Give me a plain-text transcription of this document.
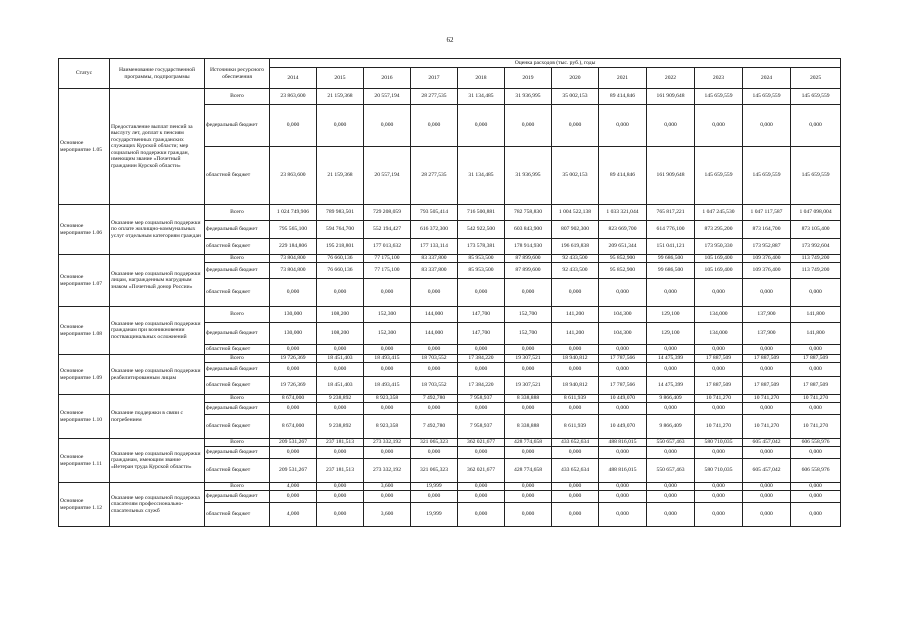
62
Статус	Наименование государственной программы, подпрограммы	Источники ресурсного обеспечения	Оценка расходов (тыс. руб.), годы											
			2014	2015	2016	2017	2018	2019	2020	2021	2022	2023	2024	2025
Основное мероприятие 1.05	Предоставление выплат пенсий за выслугу лет, доплат к пенсиям государственных гражданских служащих Курской области; мер социальной поддержки граждан, имеющим звание «Почетный гражданин Курской области»	Всего	23 863,600	21 159,368	20 557,194	28 277,535	31 134,485	31 936,995	35 002,153	89 414,846	161 909,648	145 659,559	145 659,559	145 659,559
		федеральный бюджет	0,000	0,000	0,000	0,000	0,000	0,000	0,000	0,000	0,000	0,000	0,000	0,000
		областной бюджет	23 863,600	21 159,368	20 557,194	28 277,535	31 134,485	31 936,995	35 002,153	89 414,846	161 909,648	145 659,559	145 659,559	145 659,559
Основное мероприятие 1.06	Оказание мер социальной поддержки по оплате жилищно-коммунальных услуг отдельным категориям граждан	Всего	1 024 749,906	789 983,501	729 208,059	793 505,414	716 500,881	782 758,830	1 004 522,138	1 033 321,044	765 817,221	1 047 245,530	1 047 117,587	1 047 098,004
		федеральный бюджет	795 565,100	594 764,700	552 194,427	616 372,300	542 922,500	603 843,900	807 902,300	823 669,700	614 776,100	873 295,200	873 164,700	873 105,400
		областной бюджет	229 184,806	195 218,801	177 013,632	177 133,114	173 578,381	178 914,930	196 619,838	209 651,344	151 041,121	173 950,330	173 952,887	173 992,604
Основное мероприятие 1.07	Оказание мер социальной поддержки лицам, награжденным нагрудным знаком «Почетный донор России»	Всего	73 804,800	76 660,136	77 175,100	83 337,800	85 953,500	87 899,600	92 433,500	95 852,900	99 686,500	105 169,400	109 376,400	113 749,200
		федеральный бюджет	73 804,800	76 660,136	77 175,100	83 337,800	85 953,500	87 899,600	92 433,500	95 852,900	99 686,500	105 169,400	109 376,400	113 749,200
		областной бюджет	0,000	0,000	0,000	0,000	0,000	0,000	0,000	0,000	0,000	0,000	0,000	0,000
Основное мероприятие 1.08	Оказание мер социальной поддержки гражданам при возникновении поствакцинальных осложнений	Всего	130,000	108,200	152,300	144,000	147,700	152,700	141,200	104,300	129,100	134,000	137,900	141,800
		федеральный бюджет	130,000	108,200	152,300	144,000	147,700	152,700	141,200	104,300	129,100	134,000	137,900	141,800
		областной бюджет	0,000	0,000	0,000	0,000	0,000	0,000	0,000	0,000	0,000	0,000	0,000	0,000
Основное мероприятие 1.09	Оказание мер социальной поддержки реабилитированным лицам	Всего	19 726,369	18 451,403	18 493,415	18 703,552	17 384,220	19 307,521	18 940,812	17 787,566	14 475,399	17 887,509	17 887,509	17 887,509
		федеральный бюджет	0,000	0,000	0,000	0,000	0,000	0,000	0,000	0,000	0,000	0,000	0,000	0,000
		областной бюджет	19 726,369	18 451,403	18 493,415	18 703,552	17 384,220	19 307,521	18 940,812	17 787,566	14 475,399	17 887,509	17 887,509	17 887,509
Основное мероприятие 1.10	Оказание поддержки в связи с погребением	Всего	8 674,000	9 238,892	8 923,358	7 492,780	7 958,937	8 338,888	8 611,939	10 449,070	9 866,409	10 741,270	10 741,270	10 741,270
		федеральный бюджет	0,000	0,000	0,000	0,000	0,000	0,000	0,000	0,000	0,000	0,000	0,000	0,000
		областной бюджет	8 674,000	9 238,892	8 923,358	7 492,780	7 958,937	8 338,888	8 611,939	10 449,070	9 866,409	10 741,270	10 741,270	10 741,270
Основное мероприятие 1.11	Оказание мер социальной поддержки гражданам, имеющим звание «Ветеран труда Курской области»	Всего	209 531,267	237 181,513	273 332,192	321 065,323	362 021,677	428 774,658	433 652,634	488 816,015	550 657,463	580 710,035	605 457,042	606 558,976
		федеральный бюджет	0,000	0,000	0,000	0,000	0,000	0,000	0,000	0,000	0,000	0,000	0,000	0,000
		областной бюджет	209 531,267	237 181,513	273 332,192	321 065,323	362 021,677	428 774,658	433 652,634	488 816,015	550 657,463	580 710,035	605 457,042	606 558,976
Основное мероприятие 1.12	Оказание мер социальной поддержка спасателям профессионально-спасательных служб	Всего	4,000	0,000	3,600	19,999	0,000	0,000	0,000	0,000	0,000	0,000	0,000	0,000
		федеральный бюджет	0,000	0,000	0,000	0,000	0,000	0,000	0,000	0,000	0,000	0,000	0,000	0,000
		областной бюджет	4,000	0,000	3,600	19,999	0,000	0,000	0,000	0,000	0,000	0,000	0,000	0,000
